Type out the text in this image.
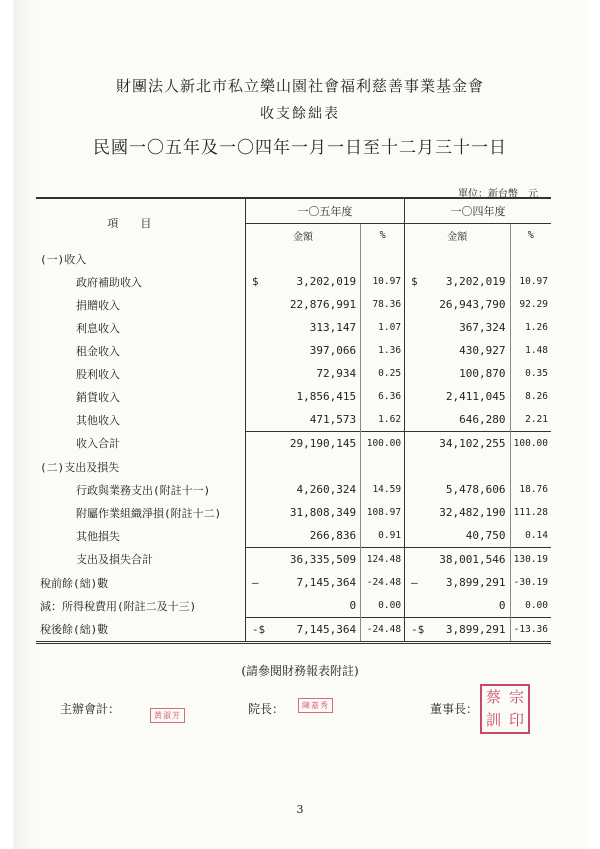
財團法人新北市私立樂山園社會福利慈善事業基金會
收支餘絀表
民國一〇五年及一〇四年一月一日至十二月三十一日
單位：新台幣　元
項目	一〇五年度			一〇四年度		
	金額		%	金額		%
(一)收入						
政府補助收入	$	3,202,019	10.97	$	3,202,019	10.97
捐贈收入		22,876,991	78.36		26,943,790	92.29
利息收入		313,147	1.07		367,324	1.26
租金收入		397,066	1.36		430,927	1.48
股利收入		72,934	0.25		100,870	0.35
銷貨收入		1,856,415	6.36		2,411,045	8.26
其他收入		471,573	1.62		646,280	2.21
收入合計		29,190,145	100.00		34,102,255	100.00
(二)支出及損失						
行政與業務支出(附註十一)		4,260,324	14.59		5,478,606	18.76
附屬作業組織淨損(附註十二)		31,808,349	108.97		32,482,190	111.28
其他損失		266,836	0.91		40,750	0.14
支出及損失合計		36,335,509	124.48		38,001,546	130.19
稅前餘(絀)數	–	7,145,364	-24.48	–	3,899,291	-30.19
減：所得稅費用(附註二及十三)		0	0.00		0	0.00
稅後餘(絀)數	-$	7,145,364	-24.48	-$	3,899,291	-13.36
(請參閱財務報表附註)
主辦會計：	黃淑芳	院長：	陳嘉秀	董事長：
蔡 宗
訓 印
3
